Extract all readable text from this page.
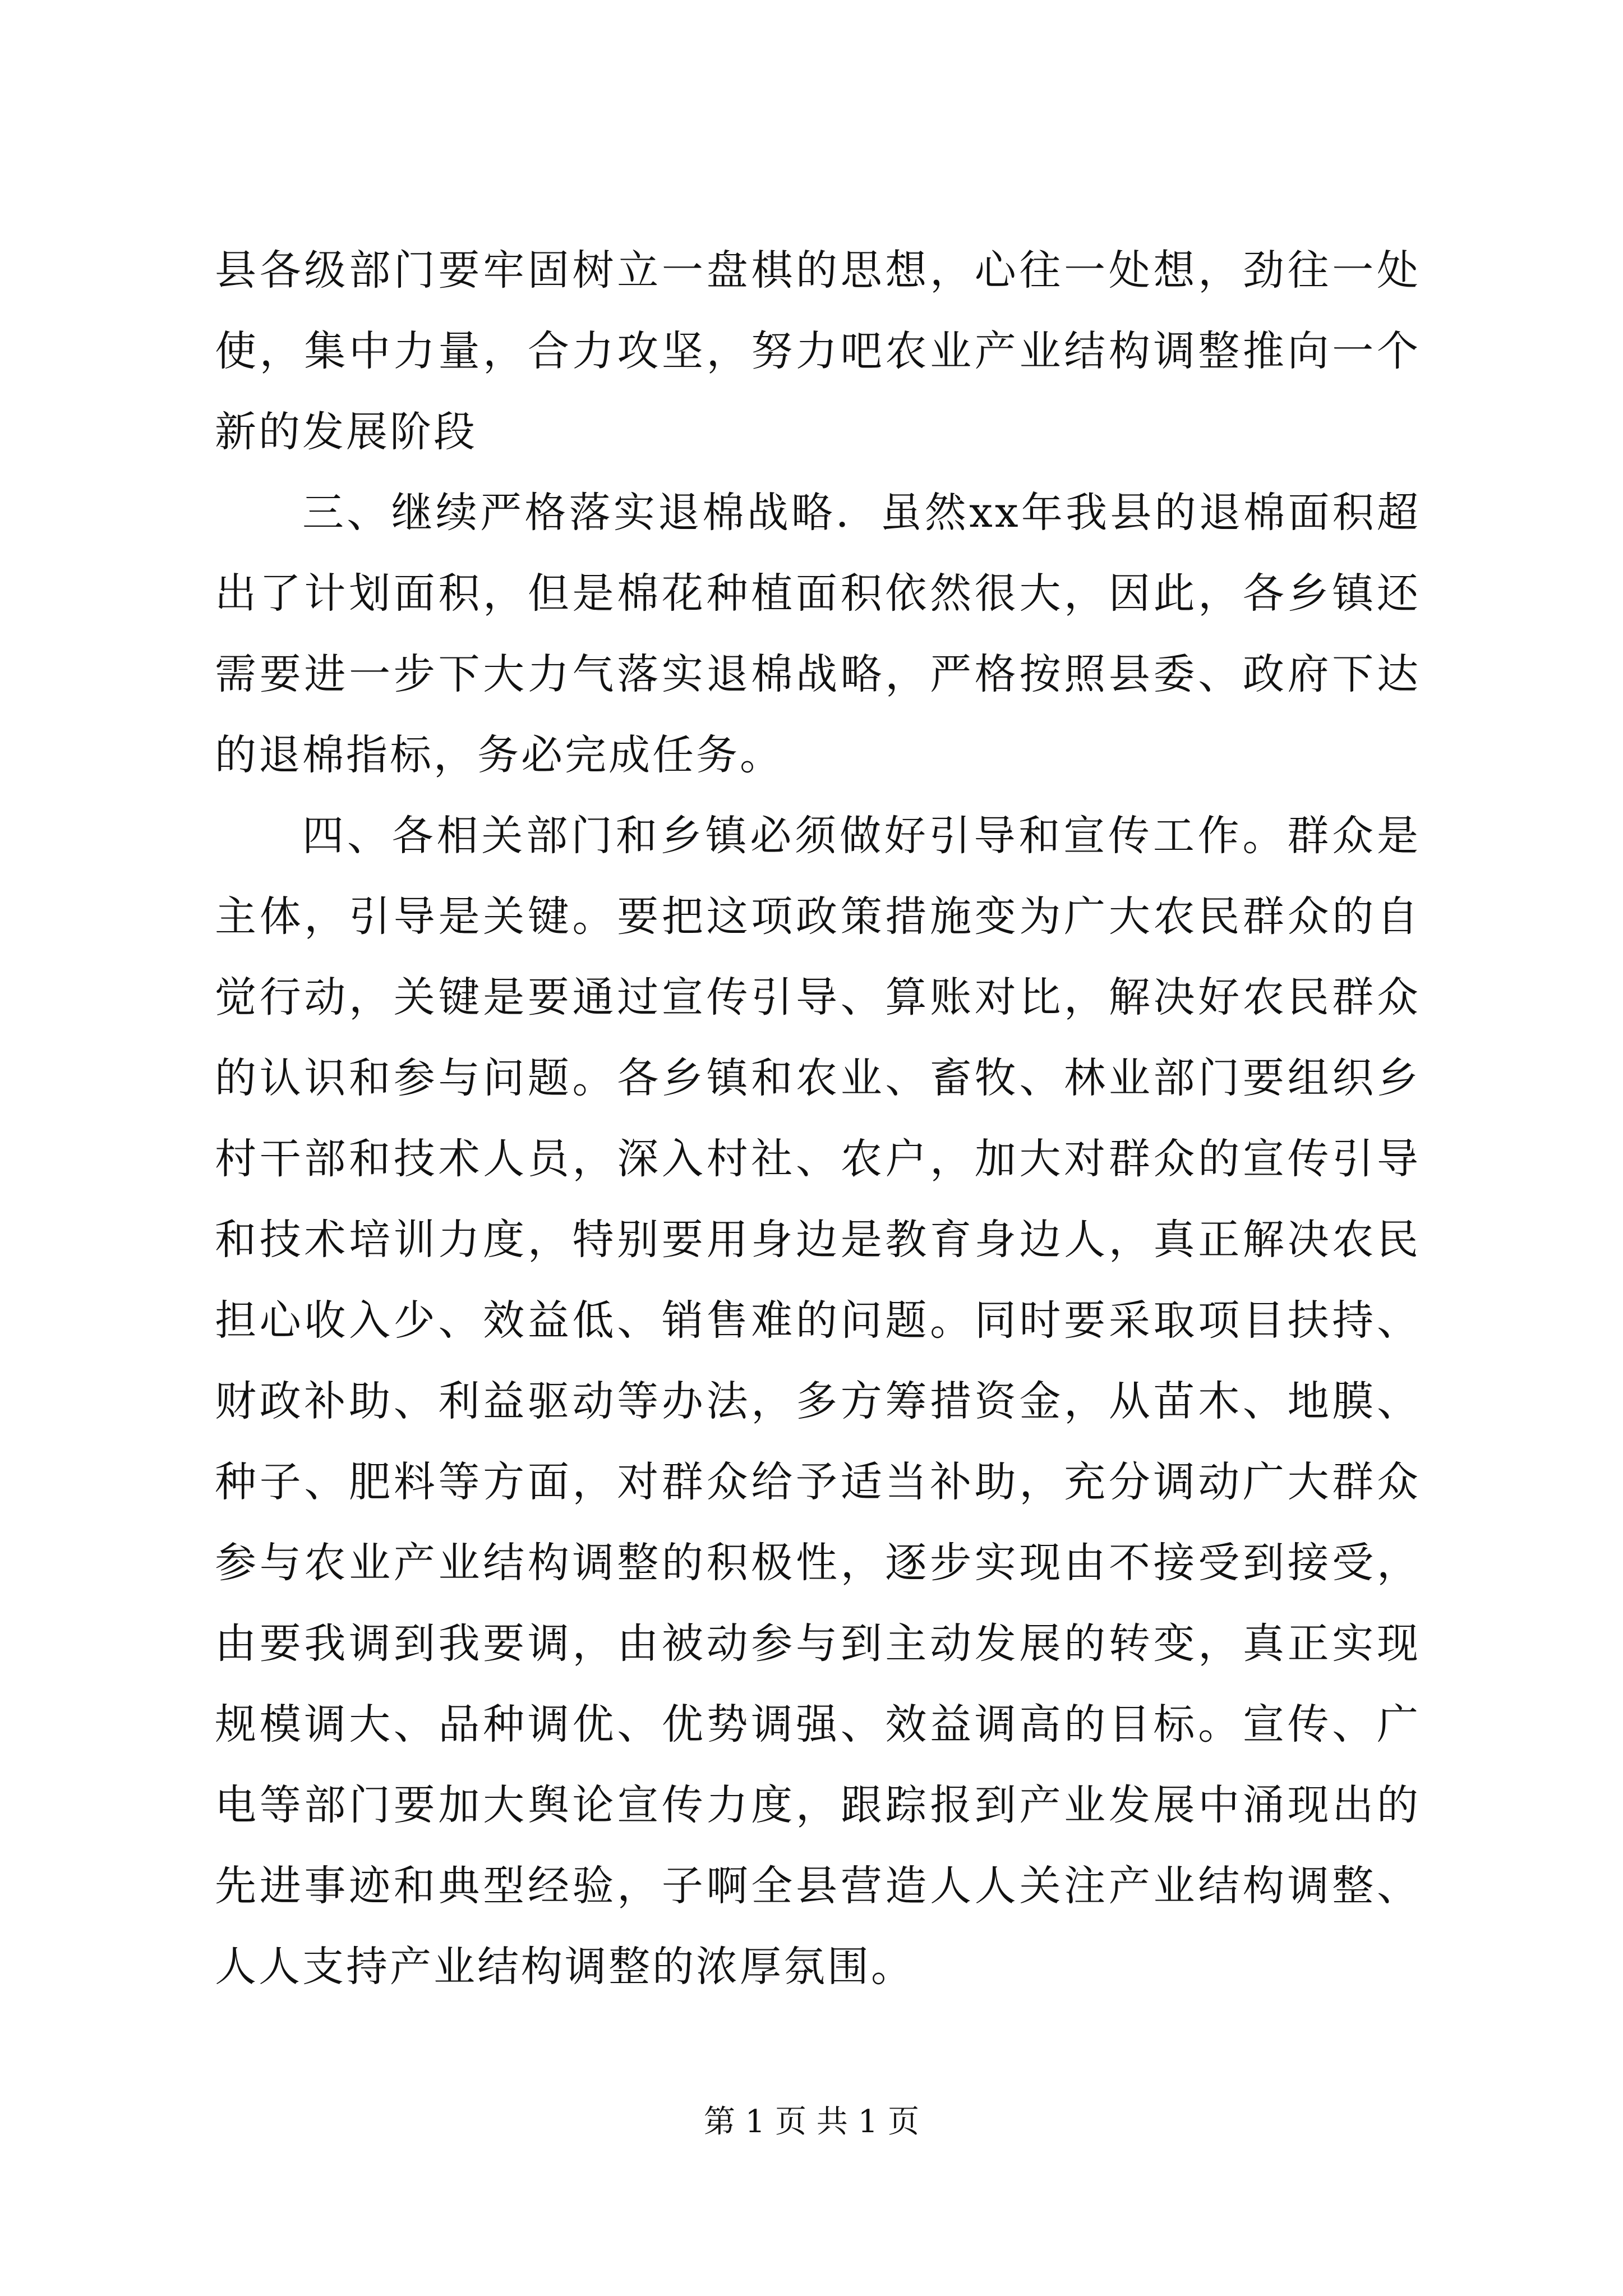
县各级部门要牢固树立一盘棋的思想，心往一处想，劲往一处使，集中力量，合力攻坚，努力吧农业产业结构调整推向一个新的发展阶段

三、继续严格落实退棉战略．虽然xx年我县的退棉面积超出了计划面积，但是棉花种植面积依然很大，因此，各乡镇还需要进一步下大力气落实退棉战略，严格按照县委、政府下达的退棉指标，务必完成任务。

四、各相关部门和乡镇必须做好引导和宣传工作。群众是主体，引导是关键。要把这项政策措施变为广大农民群众的自觉行动，关键是要通过宣传引导、算账对比，解决好农民群众的认识和参与问题。各乡镇和农业、畜牧、林业部门要组织乡村干部和技术人员，深入村社、农户，加大对群众的宣传引导和技术培训力度，特别要用身边是教育身边人，真正解决农民担心收入少、效益低、销售难的问题。同时要采取项目扶持、财政补助、利益驱动等办法，多方筹措资金，从苗木、地膜、种子、肥料等方面，对群众给予适当补助，充分调动广大群众参与农业产业结构调整的积极性，逐步实现由不接受到接受，由要我调到我要调，由被动参与到主动发展的转变，真正实现规模调大、品种调优、优势调强、效益调高的目标。宣传、广电等部门要加大舆论宣传力度，跟踪报到产业发展中涌现出的先进事迹和典型经验，子啊全县营造人人关注产业结构调整、人人支持产业结构调整的浓厚氛围。

第 1 页 共 1 页
